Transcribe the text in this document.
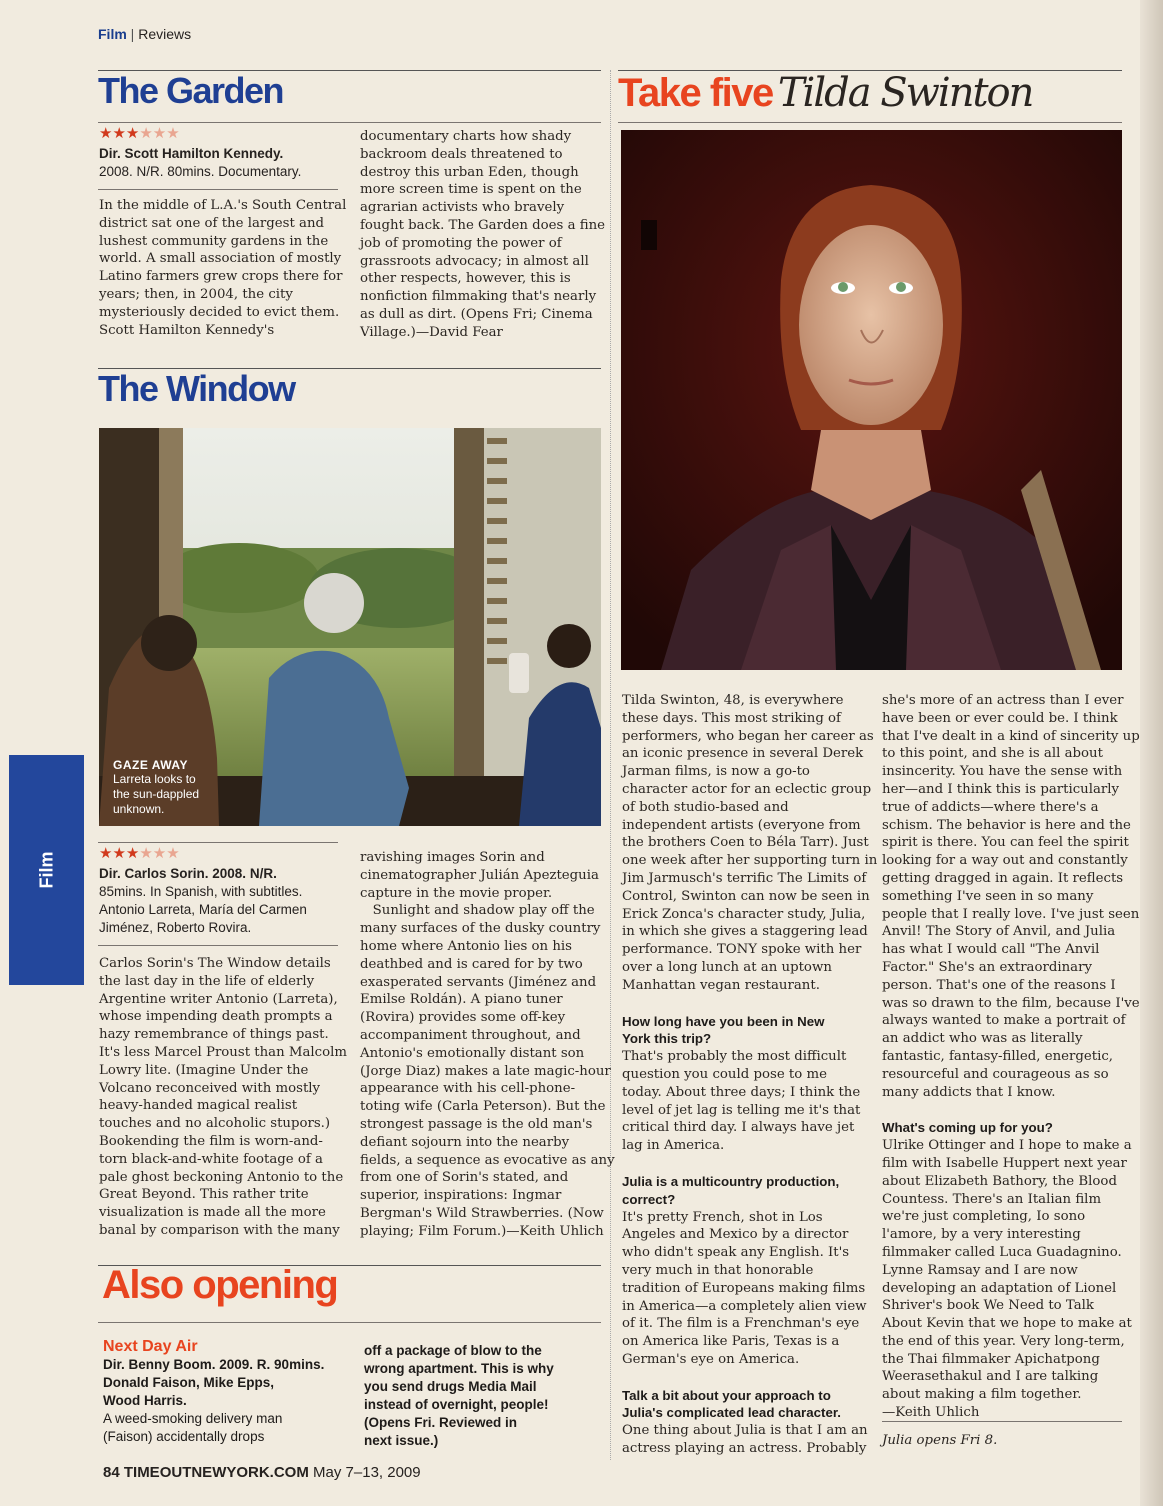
Film | Reviews
The Garden
★★★★★★
Dir. Scott Hamilton Kennedy.
2008. N/R. 80mins. Documentary.
In the middle of L.A.'s South Central
district sat one of the largest and
lushest community gardens in the
world. A small association of mostly
Latino farmers grew crops there for
years; then, in 2004, the city
mysteriously decided to evict them.
Scott Hamilton Kennedy's
documentary charts how shady
backroom deals threatened to
destroy this urban Eden, though
more screen time is spent on the
agrarian activists who bravely
fought back. The Garden does a fine
job of promoting the power of
grassroots advocacy; in almost all
other respects, however, this is
nonfiction filmmaking that's nearly
as dull as dirt. (Opens Fri; Cinema
Village.)—David Fear
The Window
GAZE AWAY
Larreta looks to
the sun-dappled
unknown.
★★★★★★
Dir. Carlos Sorin. 2008. N/R.
85mins. In Spanish, with subtitles.
Antonio Larreta, María del Carmen
Jiménez, Roberto Rovira.
Carlos Sorin's The Window details
the last day in the life of elderly
Argentine writer Antonio (Larreta),
whose impending death prompts a
hazy remembrance of things past.
It's less Marcel Proust than Malcolm
Lowry lite. (Imagine Under the
Volcano reconceived with mostly
heavy-handed magical realist
touches and no alcoholic stupors.)
Bookending the film is worn-and-
torn black-and-white footage of a
pale ghost beckoning Antonio to the
Great Beyond. This rather trite
visualization is made all the more
banal by comparison with the many
ravishing images Sorin and
cinematographer Julián Apezteguia
capture in the movie proper.
Sunlight and shadow play off the
many surfaces of the dusky country
home where Antonio lies on his
deathbed and is cared for by two
exasperated servants (Jiménez and
Emilse Roldán). A piano tuner
(Rovira) provides some off-key
accompaniment throughout, and
Antonio's emotionally distant son
(Jorge Diaz) makes a late magic-hour
appearance with his cell-phone-
toting wife (Carla Peterson). But the
strongest passage is the old man's
defiant sojourn into the nearby
fields, a sequence as evocative as any
from one of Sorin's stated, and
superior, inspirations: Ingmar
Bergman's Wild Strawberries. (Now
playing; Film Forum.)—Keith Uhlich
Also opening
Next Day Air
Dir. Benny Boom. 2009. R. 90mins.
Donald Faison, Mike Epps,
Wood Harris.
A weed-smoking delivery man
(Faison) accidentally drops
off a package of blow to the
wrong apartment. This is why
you send drugs Media Mail
instead of overnight, people!
(Opens Fri. Reviewed in
next issue.)
Take five Tilda Swinton
Tilda Swinton, 48, is everywhere
these days. This most striking of
performers, who began her career as
an iconic presence in several Derek
Jarman films, is now a go-to
character actor for an eclectic group
of both studio-based and
independent artists (everyone from
the brothers Coen to Béla Tarr). Just
one week after her supporting turn in
Jim Jarmusch's terrific The Limits of
Control, Swinton can now be seen in
Erick Zonca's character study, Julia,
in which she gives a staggering lead
performance. TONY spoke with her
over a long lunch at an uptown
Manhattan vegan restaurant.
How long have you been in New
York this trip?
That's probably the most difficult
question you could pose to me
today. About three days; I think the
level of jet lag is telling me it's that
critical third day. I always have jet
lag in America.
Julia is a multicountry production,
correct?
It's pretty French, shot in Los
Angeles and Mexico by a director
who didn't speak any English. It's
very much in that honorable
tradition of Europeans making films
in America—a completely alien view
of it. The film is a Frenchman's eye
on America like Paris, Texas is a
German's eye on America.
Talk a bit about your approach to
Julia's complicated lead character.
One thing about Julia is that I am an
actress playing an actress. Probably
she's more of an actress than I ever
have been or ever could be. I think
that I've dealt in a kind of sincerity up
to this point, and she is all about
insincerity. You have the sense with
her—and I think this is particularly
true of addicts—where there's a
schism. The behavior is here and the
spirit is there. You can feel the spirit
looking for a way out and constantly
getting dragged in again. It reflects
something I've seen in so many
people that I really love. I've just seen
Anvil! The Story of Anvil, and Julia
has what I would call "The Anvil
Factor." She's an extraordinary
person. That's one of the reasons I
was so drawn to the film, because I've
always wanted to make a portrait of
an addict who was as literally
fantastic, fantasy-filled, energetic,
resourceful and courageous as so
many addicts that I know.
What's coming up for you?
Ulrike Ottinger and I hope to make a
film with Isabelle Huppert next year
about Elizabeth Bathory, the Blood
Countess. There's an Italian film
we're just completing, Io sono
l'amore, by a very interesting
filmmaker called Luca Guadagnino.
Lynne Ramsay and I are now
developing an adaptation of Lionel
Shriver's book We Need to Talk
About Kevin that we hope to make at
the end of this year. Very long-term,
the Thai filmmaker Apichatpong
Weerasethakul and I are talking
about making a film together.
—Keith Uhlich
Julia opens Fri 8.
Film
84 TIMEOUTNEWYORK.COM May 7–13, 2009
